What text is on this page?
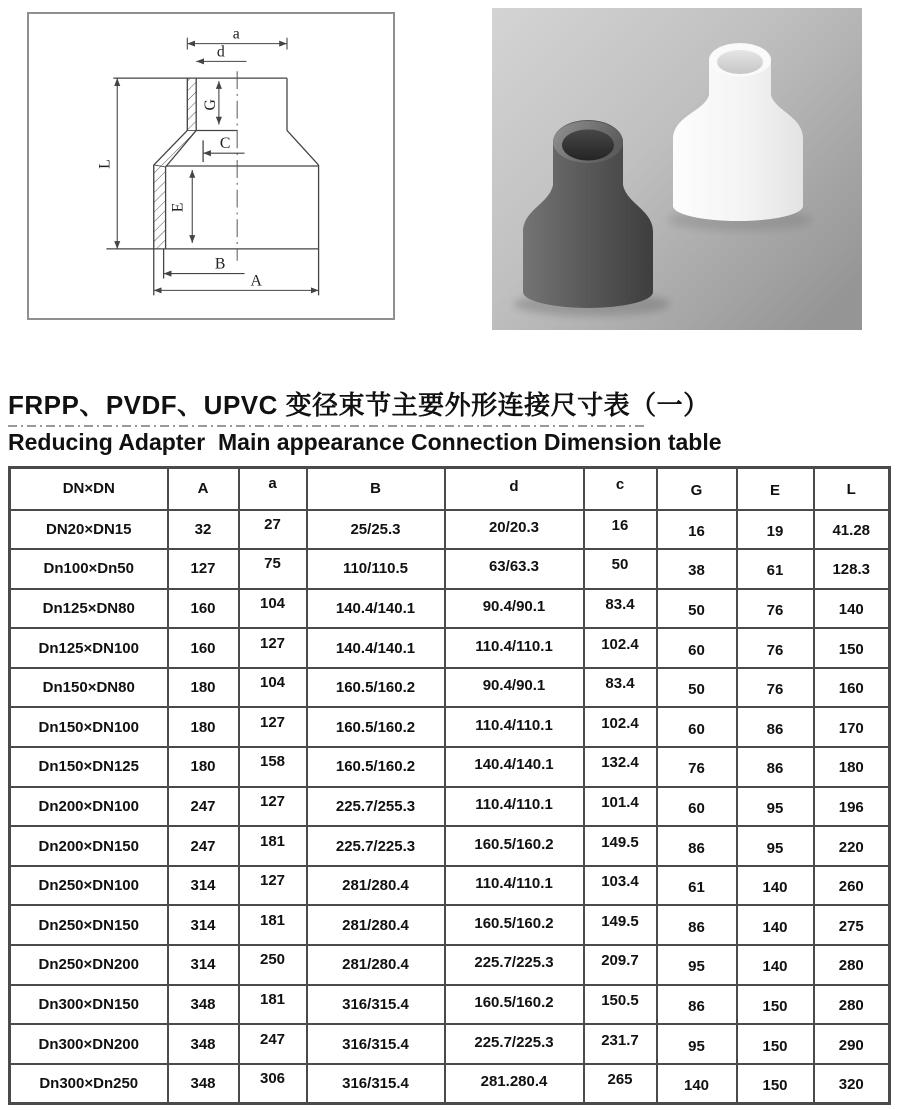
a
d
G
C
L
E
B
A
FRPP、PVDF、UPVC 变径束节主要外形连接尺寸表（一）
Reducing Adapter  Main appearance Connection Dimension table
DN×DN	A	a	B	d	c	G	E	L
DN20×DN15	32	27	25/25.3	20/20.3	16	16	19	41.28
Dn100×Dn50	127	75	110/110.5	63/63.3	50	38	61	128.3
Dn125×DN80	160	104	140.4/140.1	90.4/90.1	83.4	50	76	140
Dn125×DN100	160	127	140.4/140.1	110.4/110.1	102.4	60	76	150
Dn150×DN80	180	104	160.5/160.2	90.4/90.1	83.4	50	76	160
Dn150×DN100	180	127	160.5/160.2	110.4/110.1	102.4	60	86	170
Dn150×DN125	180	158	160.5/160.2	140.4/140.1	132.4	76	86	180
Dn200×DN100	247	127	225.7/255.3	110.4/110.1	101.4	60	95	196
Dn200×DN150	247	181	225.7/225.3	160.5/160.2	149.5	86	95	220
Dn250×DN100	314	127	281/280.4	110.4/110.1	103.4	61	140	260
Dn250×DN150	314	181	281/280.4	160.5/160.2	149.5	86	140	275
Dn250×DN200	314	250	281/280.4	225.7/225.3	209.7	95	140	280
Dn300×DN150	348	181	316/315.4	160.5/160.2	150.5	86	150	280
Dn300×DN200	348	247	316/315.4	225.7/225.3	231.7	95	150	290
Dn300×Dn250	348	306	316/315.4	281.280.4	265	140	150	320
